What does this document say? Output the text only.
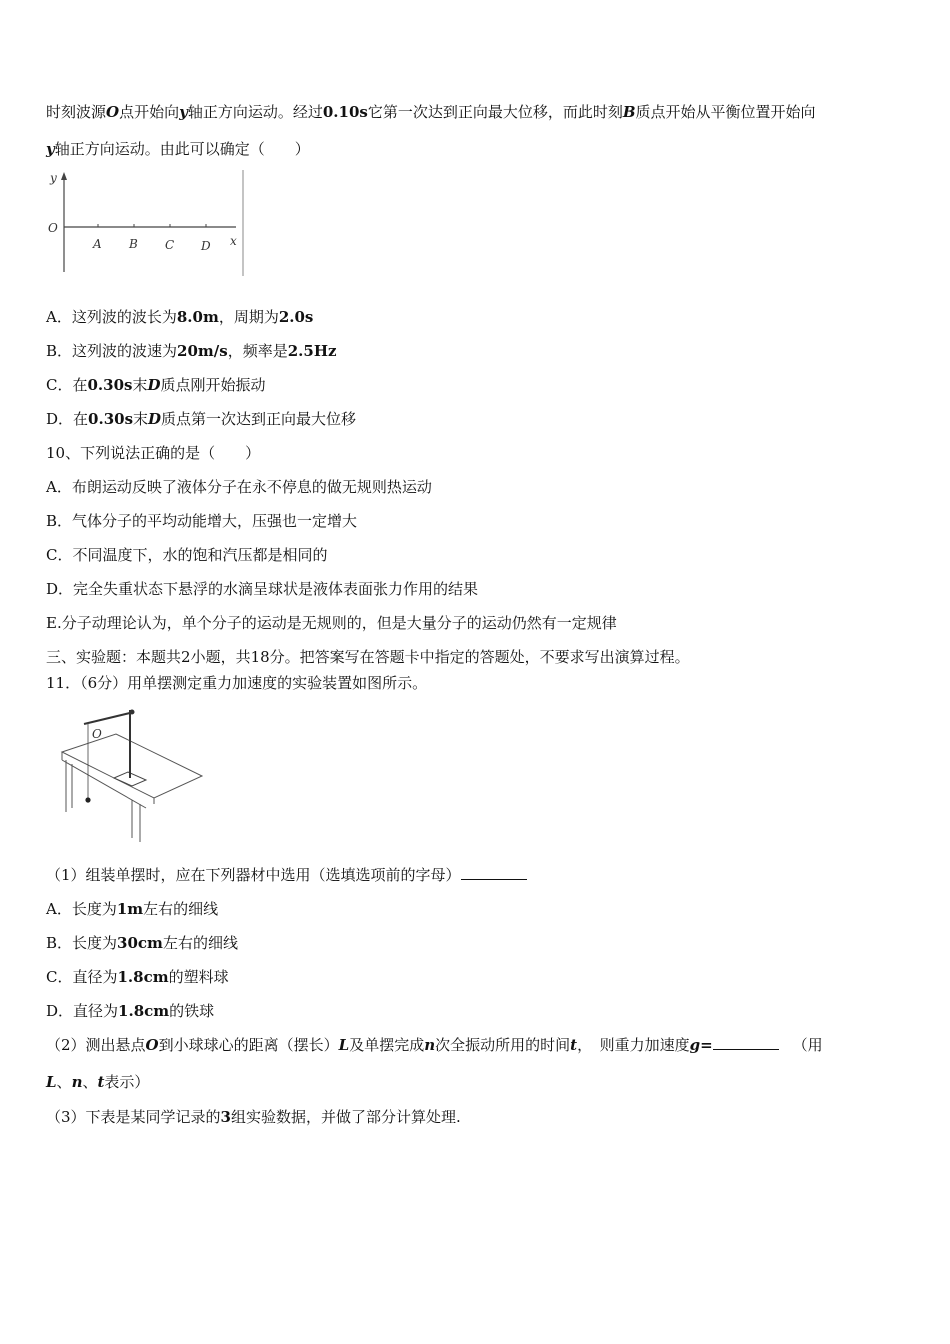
时刻波源O点开始向y轴正方向运动。经过0.10s它第一次达到正向最大位移，而此时刻B质点开始从平衡位置开始向
y轴正方向运动。由此可以确定（　　）
y
O
x
A B C D
A．这列波的波长为8.0m，周期为2.0s
B．这列波的波速为20m/s，频率是2.5Hz
C．在0.30s末D质点刚开始振动
D．在0.30s末D质点第一次达到正向最大位移
10、下列说法正确的是（　　）
A．布朗运动反映了液体分子在永不停息的做无规则热运动
B．气体分子的平均动能增大，压强也一定增大
C．不同温度下，水的饱和汽压都是相同的
D．完全失重状态下悬浮的水滴呈球状是液体表面张力作用的结果
E.分子动理论认为，单个分子的运动是无规则的，但是大量分子的运动仍然有一定规律
三、实验题：本题共2小题，共18分。把答案写在答题卡中指定的答题处，不要求写出演算过程。
11．（6分）用单摆测定重力加速度的实验装置如图所示。
O
（1）组装单摆时，应在下列器材中选用（选填选项前的字母）
A．长度为1m左右的细线
B．长度为30cm左右的细线
C．直径为1.8cm的塑料球
D．直径为1.8cm的铁球
（2）测出悬点O到小球球心的距离（摆长）L及单摆完成n次全振动所用的时间t，　则重力加速度g=	（用
L、n、t表示）
（3）下表是某同学记录的3组实验数据，并做了部分计算处理.
